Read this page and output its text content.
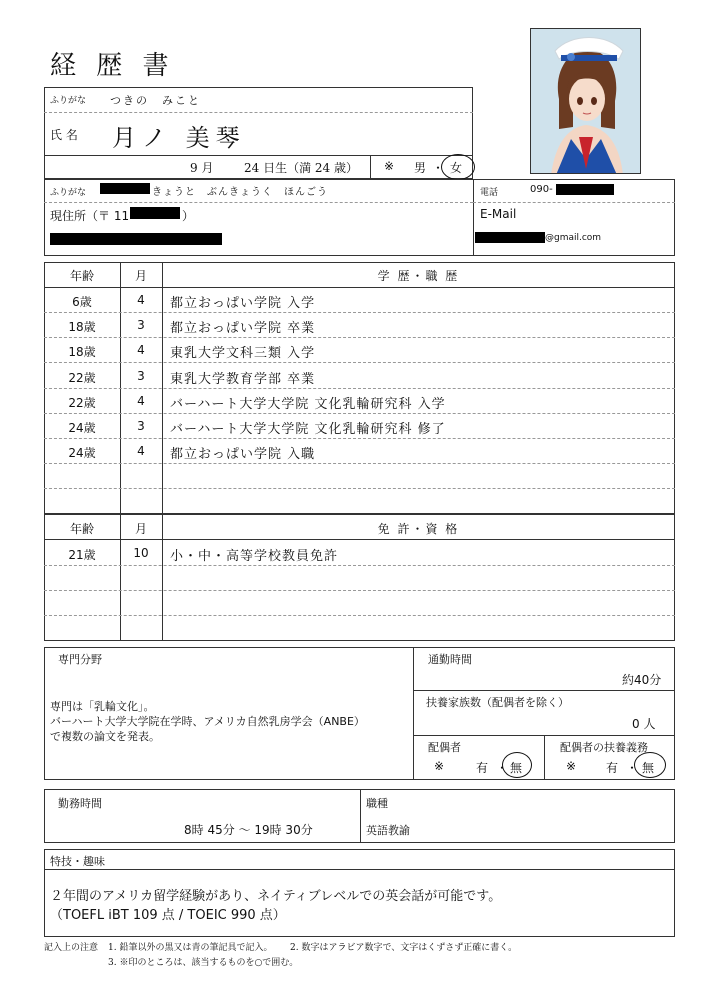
経 歴 書
ふりがな つきの　みこと
氏 名 月ノ 美琴
9 月	24 日生（満 24 歳） ※ 男 ・ 女
ふりがな	きょうと　ぶんきょうく　ほんごう
現住所（〒 11	）
電話	090-
E-Mail
@gmail.com
年齢	月	学 歴・職 歴
6歳	4	都立おっぱい学院 入学
18歳	3	都立おっぱい学院 卒業
18歳	4	東乳大学文科三類 入学
22歳	3	東乳大学教育学部 卒業
22歳	4	バーハート大学大学院 文化乳輪研究科 入学
24歳	3	バーハート大学大学院 文化乳輪研究科 修了
24歳	4	都立おっぱい学院 入職
年齢	月	免 許・資 格
21歳	10	小・中・高等学校教員免許
専門分野
専門は「乳輪文化」。
バーハート大学大学院在学時、アメリカ自然乳房学会（ANBE）
で複数の論文を発表。
通勤時間
約40分
扶養家族数（配偶者を除く）
0 人
配偶者
※	有 ・ 無
配偶者の扶養義務
※ 有 ・ 無
勤務時間
8時 45分 〜 19時 30分
職種
英語教諭
特技・趣味
２年間のアメリカ留学経験があり、ネイティブレベルでの英会話が可能です。
（TOEFL iBT 109 点 / TOEIC 990 点）
記入上の注意 1. 鉛筆以外の黒又は青の筆記具で記入。 2. 数字はアラビア数字で、文字はくずさず正確に書く。
3. ※印のところは、該当するものを○で囲む。
